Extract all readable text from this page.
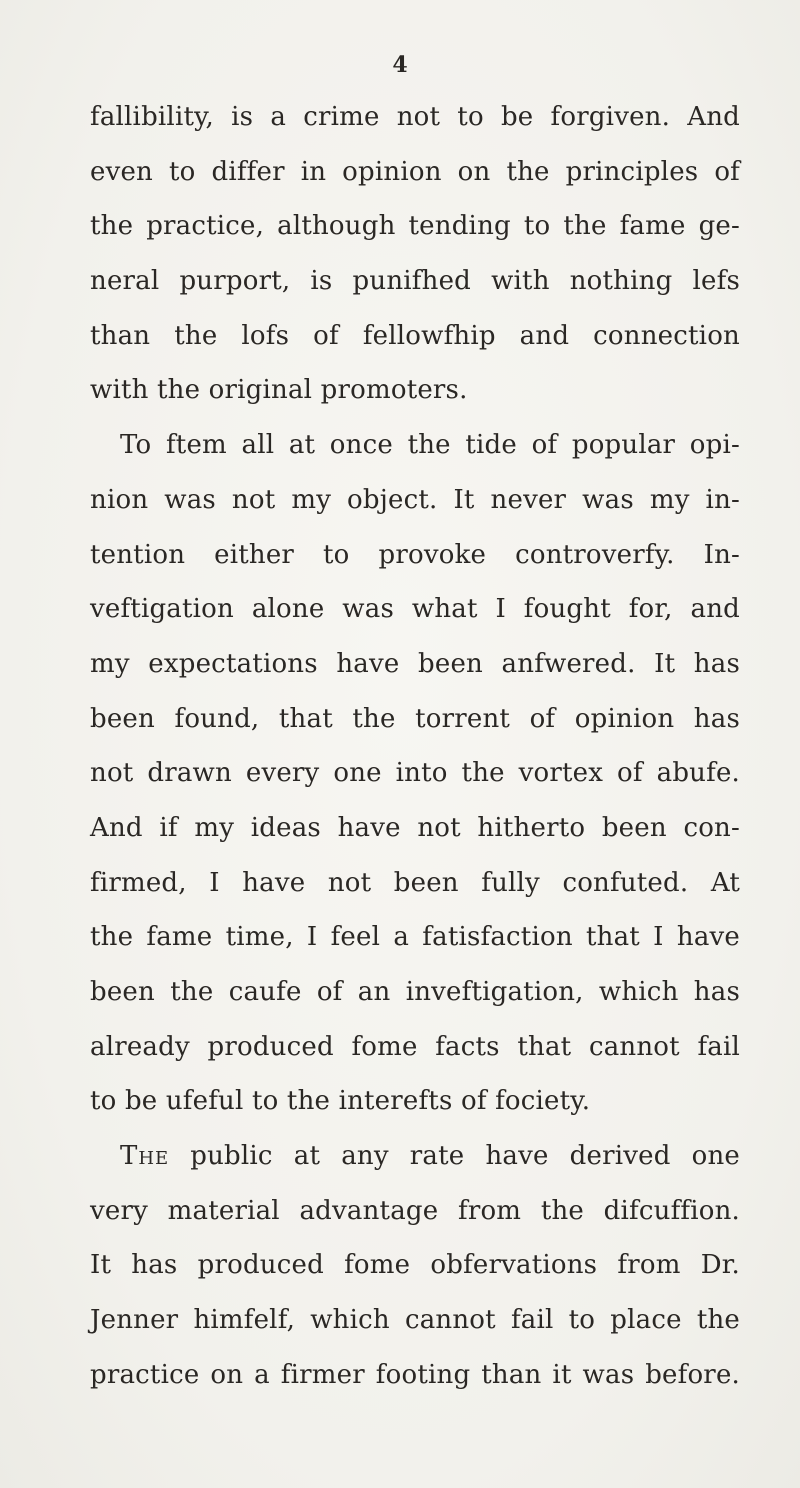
4
fallibility, is a crime not to be forgiven. And
even to differ in opinion on the principles of
the practice, although tending to the fame ge-
neral purport, is punifhed with nothing lefs
than the lofs of fellowfhip and connection
with the original promoters.
To ftem all at once the tide of popular opi-
nion was not my object. It never was my in-
tention either to provoke controverfy. In-
veftigation alone was what I fought for, and
my expectations have been anfwered. It has
been found, that the torrent of opinion has
not drawn every one into the vortex of abufe.
And if my ideas have not hitherto been con-
firmed, I have not been fully confuted. At
the fame time, I feel a fatisfaction that I have
been the caufe of an inveftigation, which has
already produced fome facts that cannot fail
to be ufeful to the interefts of fociety.
The public at any rate have derived one
very material advantage from the difcuffion.
It has produced fome obfervations from Dr.
Jenner himfelf, which cannot fail to place the
practice on a firmer footing than it was before.
